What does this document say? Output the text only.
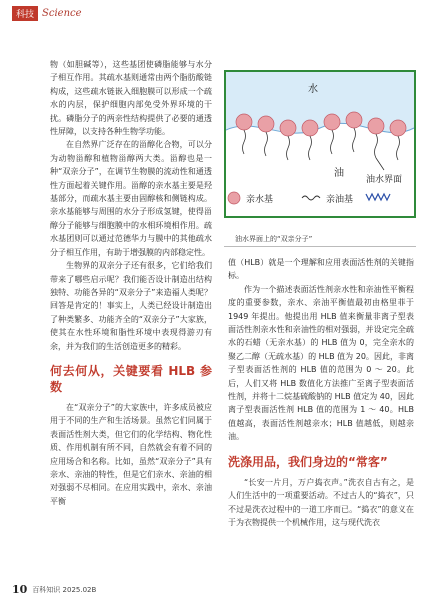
科技 Science

物（如胆碱等），这些基团使磷脂能够与水分子相互作用。其疏水基则通常由两个脂肪酸链构成，这些疏水链嵌入细胞膜可以形成一个疏水的内层，保护细胞内部免受外界环境的干扰。磷脂分子的两亲性结构提供了必要的通透性屏障，以支持各种生物学功能。

在自然界广泛存在的甾醇化合物，可以分为动物甾醇和植物甾醇两大类。甾醇也是一种“双亲分子”，在调节生物膜的流动性和通透性方面起着关键作用。甾醇的亲水基主要是羟基部分，而疏水基主要由固醇核和侧链构成。亲水基能够与周围的水分子形成氢键，使得甾醇分子能够与细胞膜中的水相环境相作用。疏水基团则可以通过范德华力与膜中的其他疏水分子相互作用，有助于增强膜的内部稳定性。

生物界的双亲分子还有很多，它们给我们带来了哪些启示呢？我们能否设计制造出结构独特、功能各异的“双亲分子”来造福人类呢？回答是肯定的！事实上，人类已经设计制造出了种类繁多、功能齐全的“双亲分子”大家族，使其在水性环境和脂性环境中表现得游刃有余，并为我们的生活创造更多的精彩。

何去何从，关键要看 HLB 参数

在“双亲分子”的大家族中，许多成员被应用于不同的生产和生活场景。虽然它们同属于表面活性剂大类，但它们的化学结构、物化性质、作用机制有所不同，自然就会有着不同的应用场合和名称。比如，虽然“双亲分子”具有亲水、亲油的特性，但是它们亲水、亲油的相对强弱不尽相同。在应用实践中，亲水、亲油平衡

水
油
油水界面
亲水基	亲油基
油水界面上的“双亲分子”

值（HLB）就是一个理解和应用表面活性剂的关键指标。

作为一个描述表面活性剂亲水性和亲油性平衡程度的重要参数，亲水、亲油平衡值最初由格里菲于 1949 年提出。他提出用 HLB 值来衡量非离子型表面活性剂亲水性和亲油性的相对强弱，并设定完全疏水的石蜡（无亲水基）的 HLB 值为 0，完全亲水的聚乙二醇（无疏水基）的 HLB 值为 20。因此，非离子型表面活性剂的 HLB 值的范围为 0 ～ 20。此后，人们又将 HLB 数值化方法推广至离子型表面活性剂，并将十二烷基硫酸钠的 HLB 值定为 40，因此离子型表面活性剂 HLB 值的范围为 1 ～ 40。HLB 值越高，表面活性剂越亲水；HLB 值越低，则越亲油。

洗涤用品，我们身边的“常客”

“长安一片月，万户捣衣声。”洗衣自古有之，是人们生活中的一项重要活动。不过古人的“捣衣”，只不过是洗衣过程中的一道工序而已。“捣衣”的意义在于为衣物提供一个机械作用，这与现代洗衣

10 百科知识 2025.02B
